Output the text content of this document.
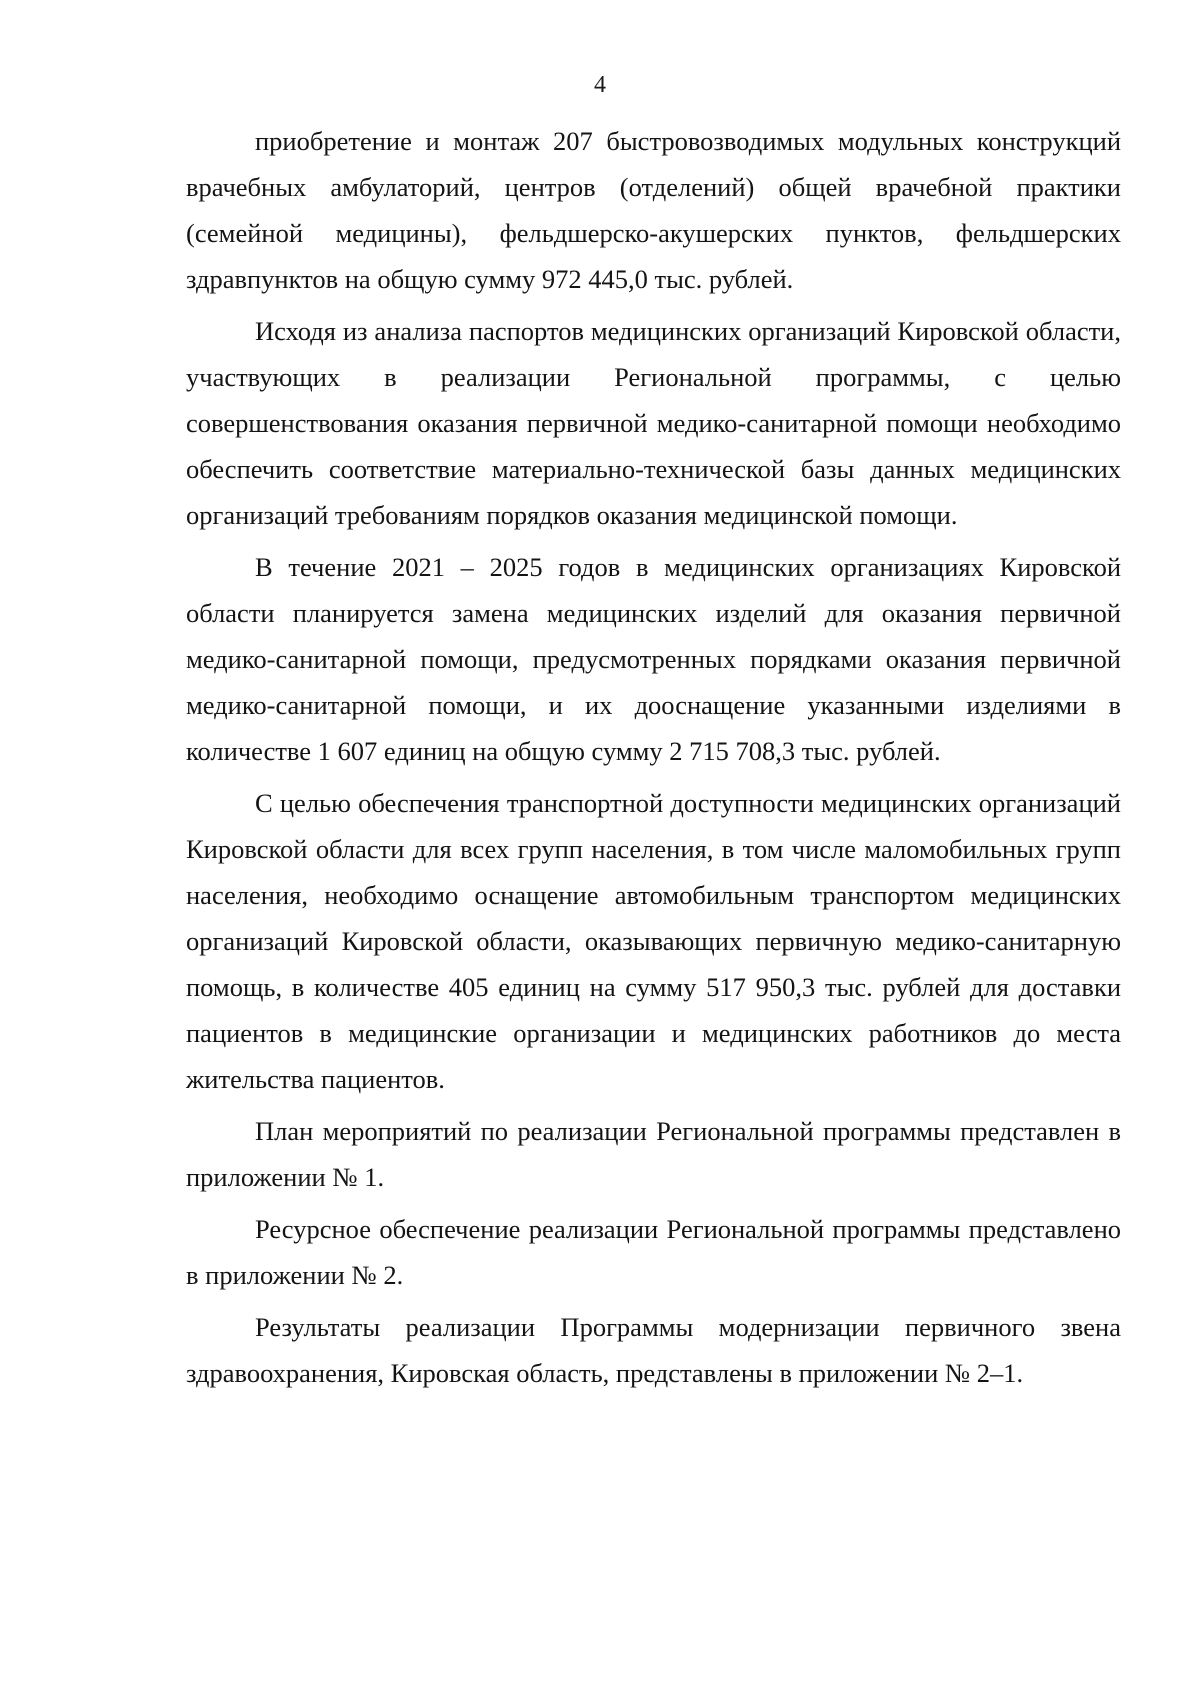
4

приобретение и монтаж 207 быстровозводимых модульных конструкций врачебных амбулаторий, центров (отделений) общей врачебной практики (семейной медицины), фельдшерско-акушерских пунктов, фельдшерских здравпунктов на общую сумму 972 445,0 тыс. рублей.

Исходя из анализа паспортов медицинских организаций Кировской области, участвующих в реализации Региональной программы, с целью совершенствования оказания первичной медико-санитарной помощи необходимо обеспечить соответствие материально-технической базы данных медицинских организаций требованиям порядков оказания медицинской помощи.

В течение 2021 – 2025 годов в медицинских организациях Кировской области планируется замена медицинских изделий для оказания первичной медико-санитарной помощи, предусмотренных порядками оказания первичной медико-санитарной помощи, и их дооснащение указанными изделиями в количестве 1 607 единиц на общую сумму 2 715 708,3 тыс. рублей.

С целью обеспечения транспортной доступности медицинских организаций Кировской области для всех групп населения, в том числе маломобильных групп населения, необходимо оснащение автомобильным транспортом медицинских организаций Кировской области, оказывающих первичную медико-санитарную помощь, в количестве 405 единиц на сумму 517 950,3 тыс. рублей для доставки пациентов в медицинские организации и медицинских работников до места жительства пациентов.

План мероприятий по реализации Региональной программы представлен в приложении № 1.

Ресурсное обеспечение реализации Региональной программы представлено в приложении № 2.

Результаты реализации Программы модернизации первичного звена здравоохранения, Кировская область, представлены в приложении № 2–1.
